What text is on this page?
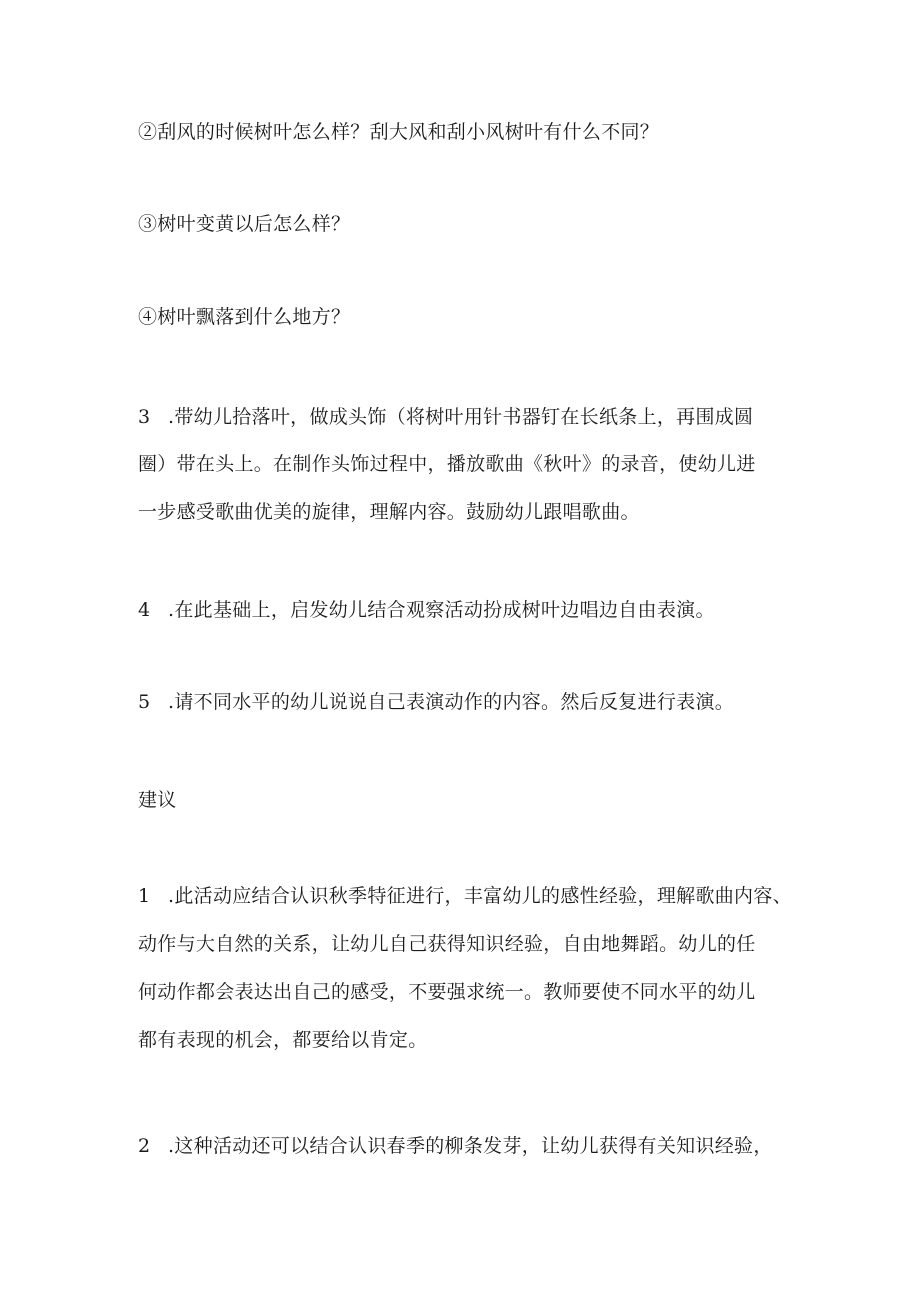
②刮风的时候树叶怎么样？刮大风和刮小风树叶有什么不同？
③树叶变黄以后怎么样？
④树叶飘落到什么地方？
3 .带幼儿拾落叶，做成头饰（将树叶用针书器钉在长纸条上，再围成圆
圈）带在头上。在制作头饰过程中，播放歌曲《秋叶》的录音，使幼儿进
一步感受歌曲优美的旋律，理解内容。鼓励幼儿跟唱歌曲。
4 .在此基础上，启发幼儿结合观察活动扮成树叶边唱边自由表演。
5 .请不同水平的幼儿说说自己表演动作的内容。然后反复进行表演。
建议
1 .此活动应结合认识秋季特征进行，丰富幼儿的感性经验，理解歌曲内容、
动作与大自然的关系，让幼儿自己获得知识经验，自由地舞蹈。幼儿的任
何动作都会表达出自己的感受，不要强求统一。教师要使不同水平的幼儿
都有表现的机会，都要给以肯定。
2 .这种活动还可以结合认识春季的柳条发芽，让幼儿获得有关知识经验，
